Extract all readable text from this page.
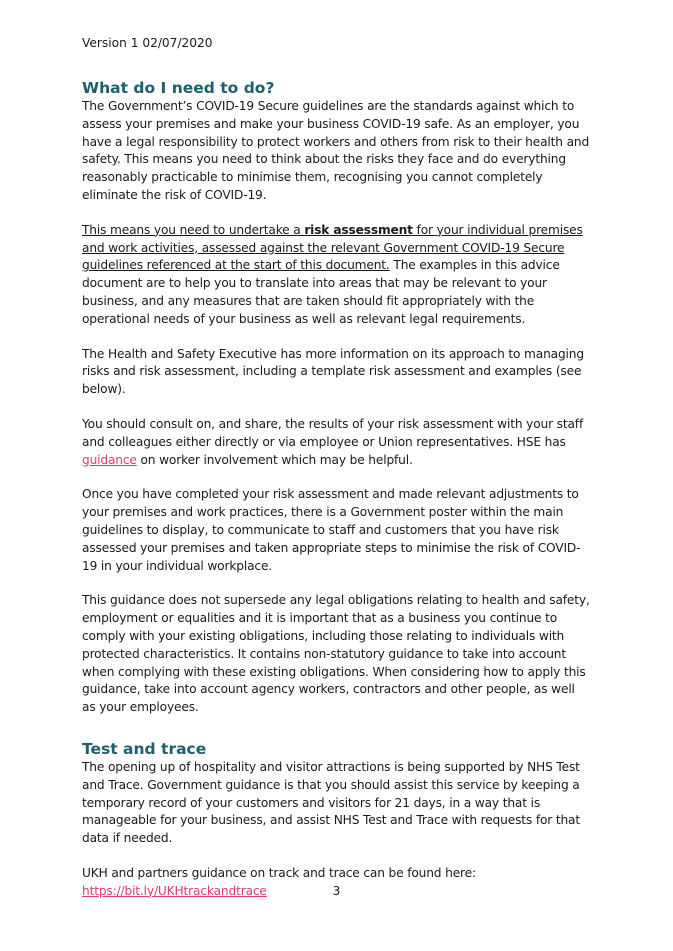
Version 1 02/07/2020
What do I need to do?

The Government’s COVID-19 Secure guidelines are the standards against which to assess your premises and make your business COVID-19 safe. As an employer, you have a legal responsibility to protect workers and others from risk to their health and safety. This means you need to think about the risks they face and do everything reasonably practicable to minimise them, recognising you cannot completely eliminate the risk of COVID-19.

This means you need to undertake a risk assessment for your individual premises and work activities, assessed against the relevant Government COVID-19 Secure guidelines referenced at the start of this document. The examples in this advice document are to help you to translate into areas that may be relevant to your business, and any measures that are taken should fit appropriately with the operational needs of your business as well as relevant legal requirements.

The Health and Safety Executive has more information on its approach to managing risks and risk assessment, including a template risk assessment and examples (see below).

You should consult on, and share, the results of your risk assessment with your staff and colleagues either directly or via employee or Union representatives. HSE has guidance on worker involvement which may be helpful.

Once you have completed your risk assessment and made relevant adjustments to your premises and work practices, there is a Government poster within the main guidelines to display, to communicate to staff and customers that you have risk assessed your premises and taken appropriate steps to minimise the risk of COVID-19 in your individual workplace.

This guidance does not supersede any legal obligations relating to health and safety, employment or equalities and it is important that as a business you continue to comply with your existing obligations, including those relating to individuals with protected characteristics. It contains non-statutory guidance to take into account when complying with these existing obligations. When considering how to apply this guidance, take into account agency workers, contractors and other people, as well as your employees.

Test and trace

The opening up of hospitality and visitor attractions is being supported by NHS Test and Trace. Government guidance is that you should assist this service by keeping a temporary record of your customers and visitors for 21 days, in a way that is manageable for your business, and assist NHS Test and Trace with requests for that data if needed.

UKH and partners guidance on track and trace can be found here:

https://bit.ly/UKHtrackandtrace	3
